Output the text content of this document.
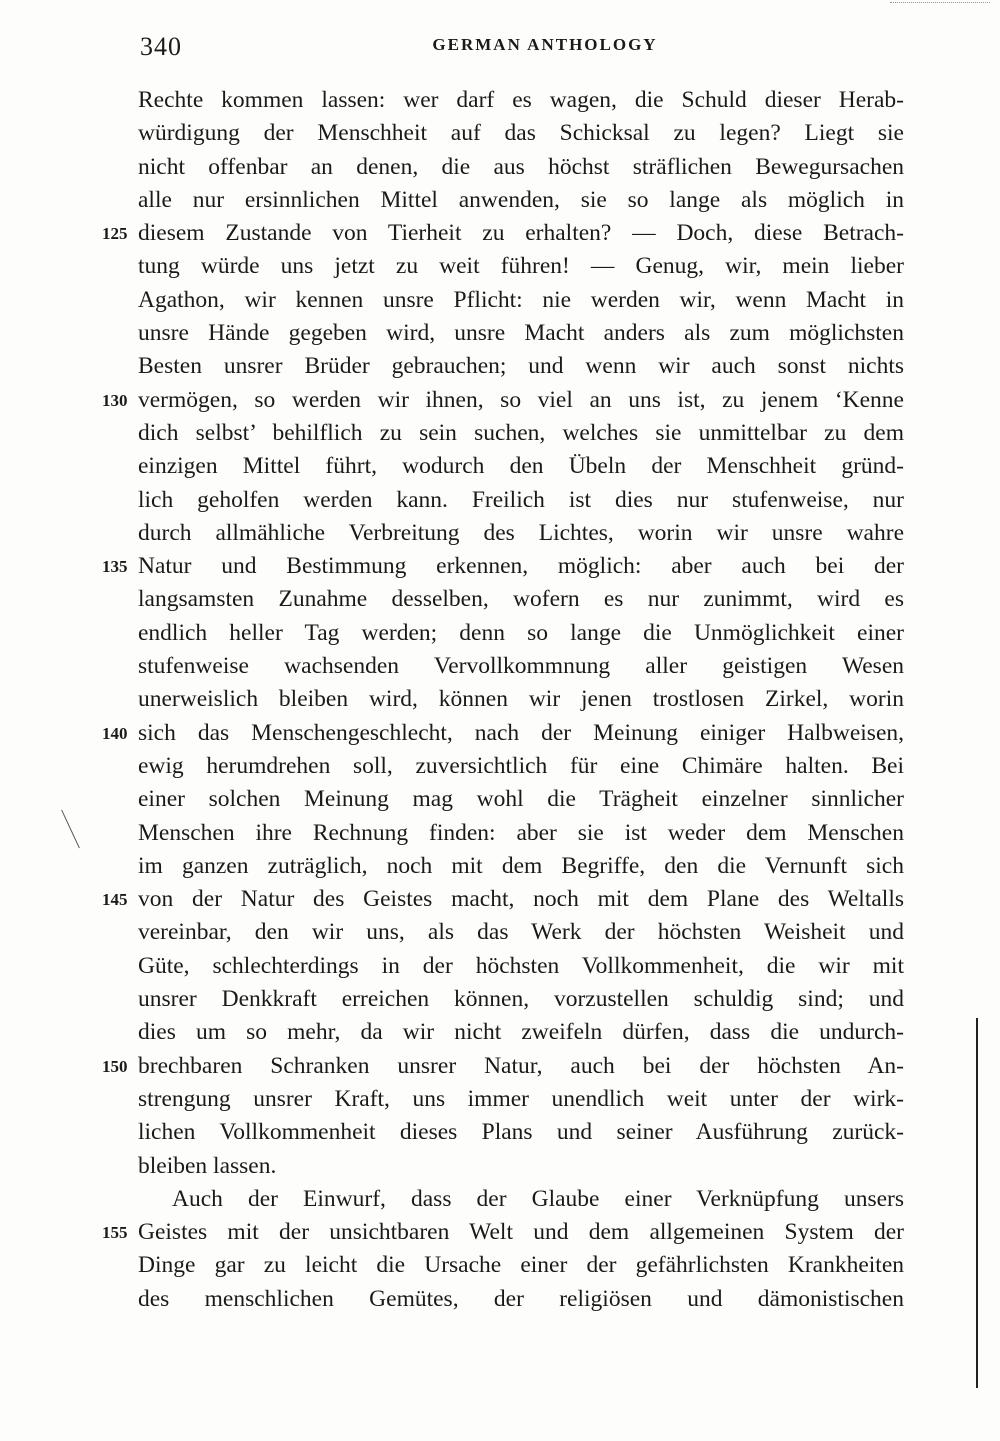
340	GERMAN ANTHOLOGY
Rechte kommen lassen: wer darf es wagen, die Schuld dieser Herab-
würdigung der Menschheit auf das Schicksal zu legen? Liegt sie
nicht offenbar an denen, die aus höchst sträflichen Bewegursachen
alle nur ersinnlichen Mittel anwenden, sie so lange als möglich in
125 diesem Zustande von Tierheit zu erhalten? — Doch, diese Betrach-
tung würde uns jetzt zu weit führen! — Genug, wir, mein lieber
Agathon, wir kennen unsre Pflicht: nie werden wir, wenn Macht in
unsre Hände gegeben wird, unsre Macht anders als zum möglichsten
Besten unsrer Brüder gebrauchen; und wenn wir auch sonst nichts
130 vermögen, so werden wir ihnen, so viel an uns ist, zu jenem ‘Kenne
dich selbst’ behilflich zu sein suchen, welches sie unmittelbar zu dem
einzigen Mittel führt, wodurch den Übeln der Menschheit gründ-
lich geholfen werden kann. Freilich ist dies nur stufenweise, nur
durch allmähliche Verbreitung des Lichtes, worin wir unsre wahre
135 Natur und Bestimmung erkennen, möglich: aber auch bei der
langsamsten Zunahme desselben, wofern es nur zunimmt, wird es
endlich heller Tag werden; denn so lange die Unmöglichkeit einer
stufenweise wachsenden Vervollkommnung aller geistigen Wesen
unerweislich bleiben wird, können wir jenen trostlosen Zirkel, worin
140 sich das Menschengeschlecht, nach der Meinung einiger Halbweisen,
ewig herumdrehen soll, zuversichtlich für eine Chimäre halten. Bei
einer solchen Meinung mag wohl die Trägheit einzelner sinnlicher
Menschen ihre Rechnung finden: aber sie ist weder dem Menschen
im ganzen zuträglich, noch mit dem Begriffe, den die Vernunft sich
145 von der Natur des Geistes macht, noch mit dem Plane des Weltalls
vereinbar, den wir uns, als das Werk der höchsten Weisheit und
Güte, schlechterdings in der höchsten Vollkommenheit, die wir mit
unsrer Denkkraft erreichen können, vorzustellen schuldig sind; und
dies um so mehr, da wir nicht zweifeln dürfen, dass die undurch-
150 brechbaren Schranken unsrer Natur, auch bei der höchsten An-
strengung unsrer Kraft, uns immer unendlich weit unter der wirk-
lichen Vollkommenheit dieses Plans und seiner Ausführung zurück-
bleiben lassen.
Auch der Einwurf, dass der Glaube einer Verknüpfung unsers
155 Geistes mit der unsichtbaren Welt und dem allgemeinen System der
Dinge gar zu leicht die Ursache einer der gefährlichsten Krankheiten
des menschlichen Gemütes, der religiösen und dämonistischen
